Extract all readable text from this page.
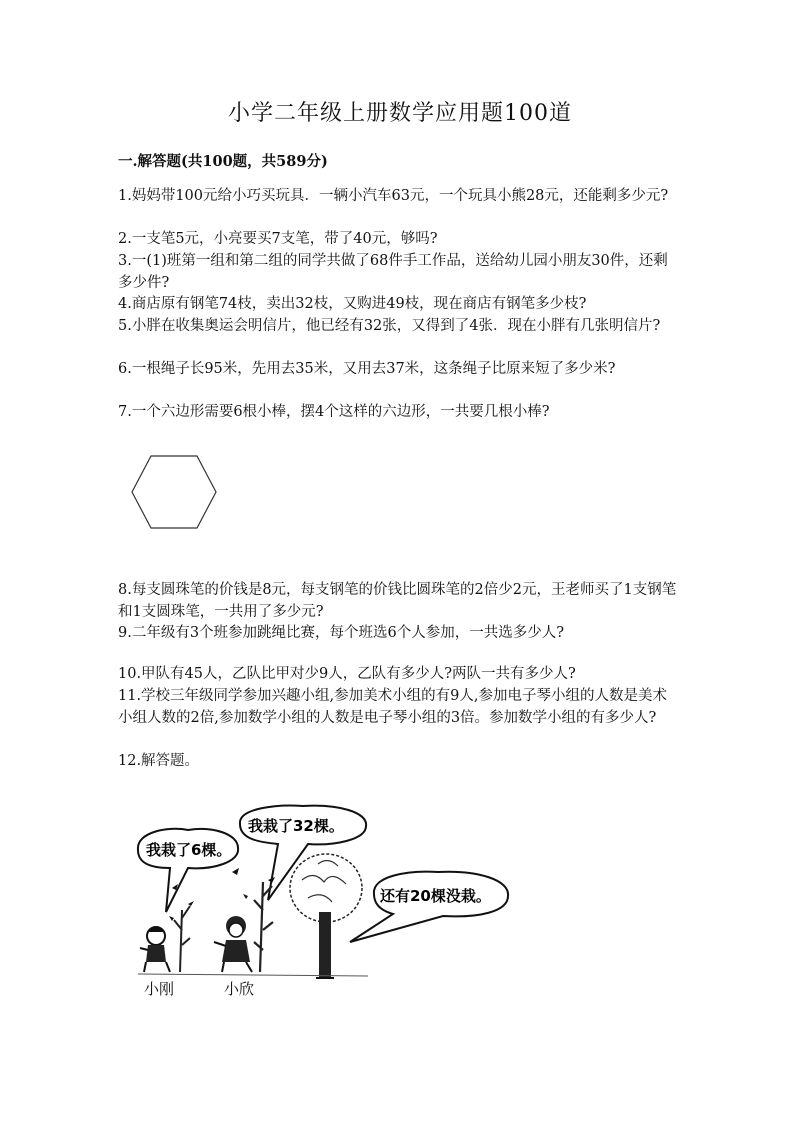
小学二年级上册数学应用题100道
一.解答题(共100题，共589分)
1.妈妈带100元给小巧买玩具．一辆小汽车63元，一个玩具小熊28元，还能剩多少元?
2.一支笔5元，小亮要买7支笔，带了40元，够吗?
3.一(1)班第一组和第二组的同学共做了68件手工作品，送给幼儿园小朋友30件，还剩多少件?
4.商店原有钢笔74枝，卖出32枝，又购进49枝，现在商店有钢笔多少枝?
5.小胖在收集奥运会明信片，他已经有32张，又得到了4张．现在小胖有几张明信片?
6.一根绳子长95米，先用去35米，又用去37米，这条绳子比原来短了多少米?
7.一个六边形需要6根小棒，摆4个这样的六边形，一共要几根小棒?
8.每支圆珠笔的价钱是8元，每支钢笔的价钱比圆珠笔的2倍少2元，王老师买了1支钢笔和1支圆珠笔，一共用了多少元?
9.二年级有3个班参加跳绳比赛，每个班选6个人参加，一共选多少人?
10.甲队有45人，乙队比甲对少9人，乙队有多少人?两队一共有多少人?
11.学校三年级同学参加兴趣小组,参加美术小组的有9人,参加电子琴小组的人数是美术小组人数的2倍,参加数学小组的人数是电子琴小组的3倍。参加数学小组的有多少人?
12.解答题。
我栽了6棵。
我栽了32棵。
还有20棵没栽。
小刚	小欣
